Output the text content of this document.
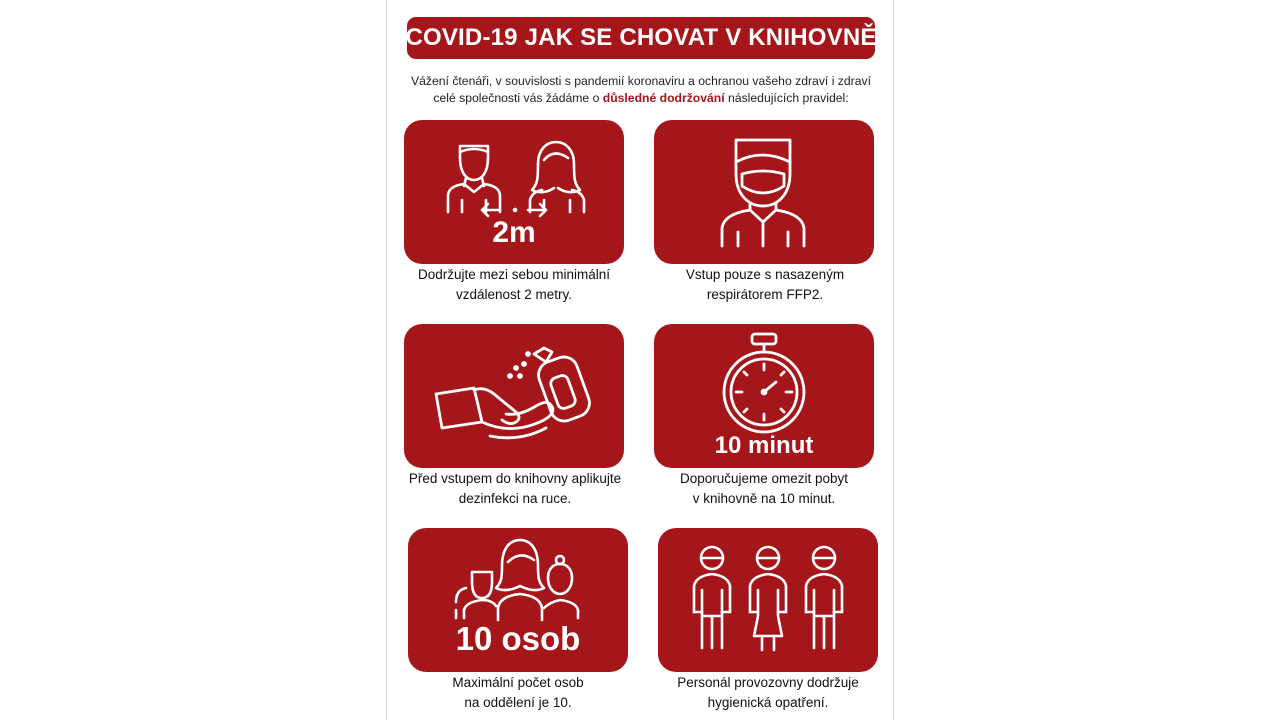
COVID-19 JAK SE CHOVAT V KNIHOVNĚ
Vážení čtenáři, v souvislosti s pandemií koronaviru a ochranou vašeho zdraví i zdraví celé společnosti vás žádáme o důsledné dodržování následujících pravidel:
2m
Dodržujte mezi sebou minimální
vzdálenost 2 metry.
Vstup pouze s nasazeným
respirátorem FFP2.
Před vstupem do knihovny aplikujte
dezinfekci na ruce.
10 minut
Doporučujeme omezit pobyt
v knihovně na 10 minut.
10 osob
Maximální počet osob
na oddělení je 10.
Personál provozovny dodržuje
hygienická opatření.
